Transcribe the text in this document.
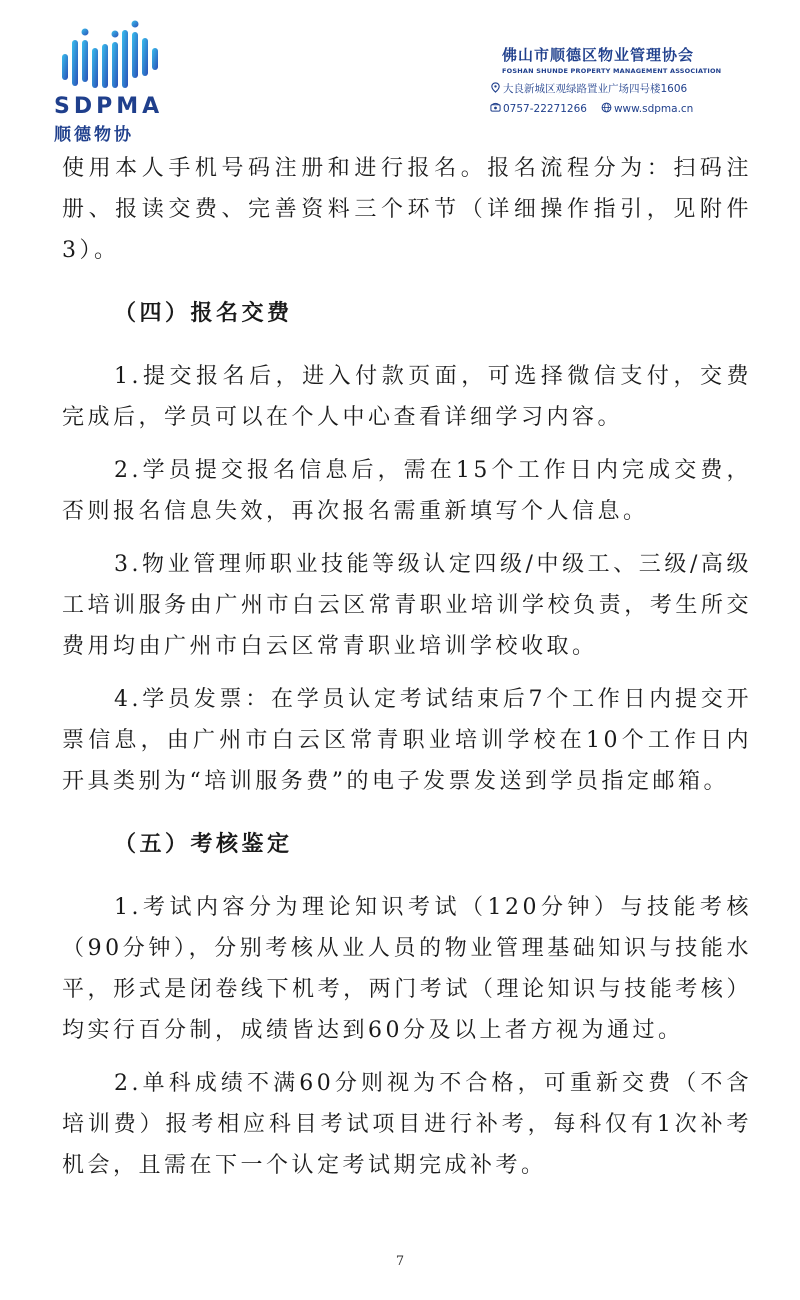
SDPMA
顺德物协
佛山市顺德区物业管理协会
FOSHAN SHUNDE PROPERTY MANAGEMENT ASSOCIATION
大良新城区观绿路置业广场四号楼1606
0757-22271266	www.sdpma.cn

使用本人手机号码注册和进行报名。报名流程分为：扫码注册、报读交费、完善资料三个环节（详细操作指引，见附件3）。

（四）报名交费

1.提交报名后，进入付款页面，可选择微信支付，交费完成后，学员可以在个人中心查看详细学习内容。

2.学员提交报名信息后，需在15个工作日内完成交费，否则报名信息失效，再次报名需重新填写个人信息。

3.物业管理师职业技能等级认定四级/中级工、三级/高级工培训服务由广州市白云区常青职业培训学校负责，考生所交费用均由广州市白云区常青职业培训学校收取。

4.学员发票：在学员认定考试结束后7个工作日内提交开票信息，由广州市白云区常青职业培训学校在10个工作日内开具类别为“培训服务费”的电子发票发送到学员指定邮箱。

（五）考核鉴定

1.考试内容分为理论知识考试（120分钟）与技能考核（90分钟），分别考核从业人员的物业管理基础知识与技能水平，形式是闭卷线下机考，两门考试（理论知识与技能考核）均实行百分制，成绩皆达到60分及以上者方视为通过。

2.单科成绩不满60分则视为不合格，可重新交费（不含培训费）报考相应科目考试项目进行补考，每科仅有1次补考机会，且需在下一个认定考试期完成补考。

7
